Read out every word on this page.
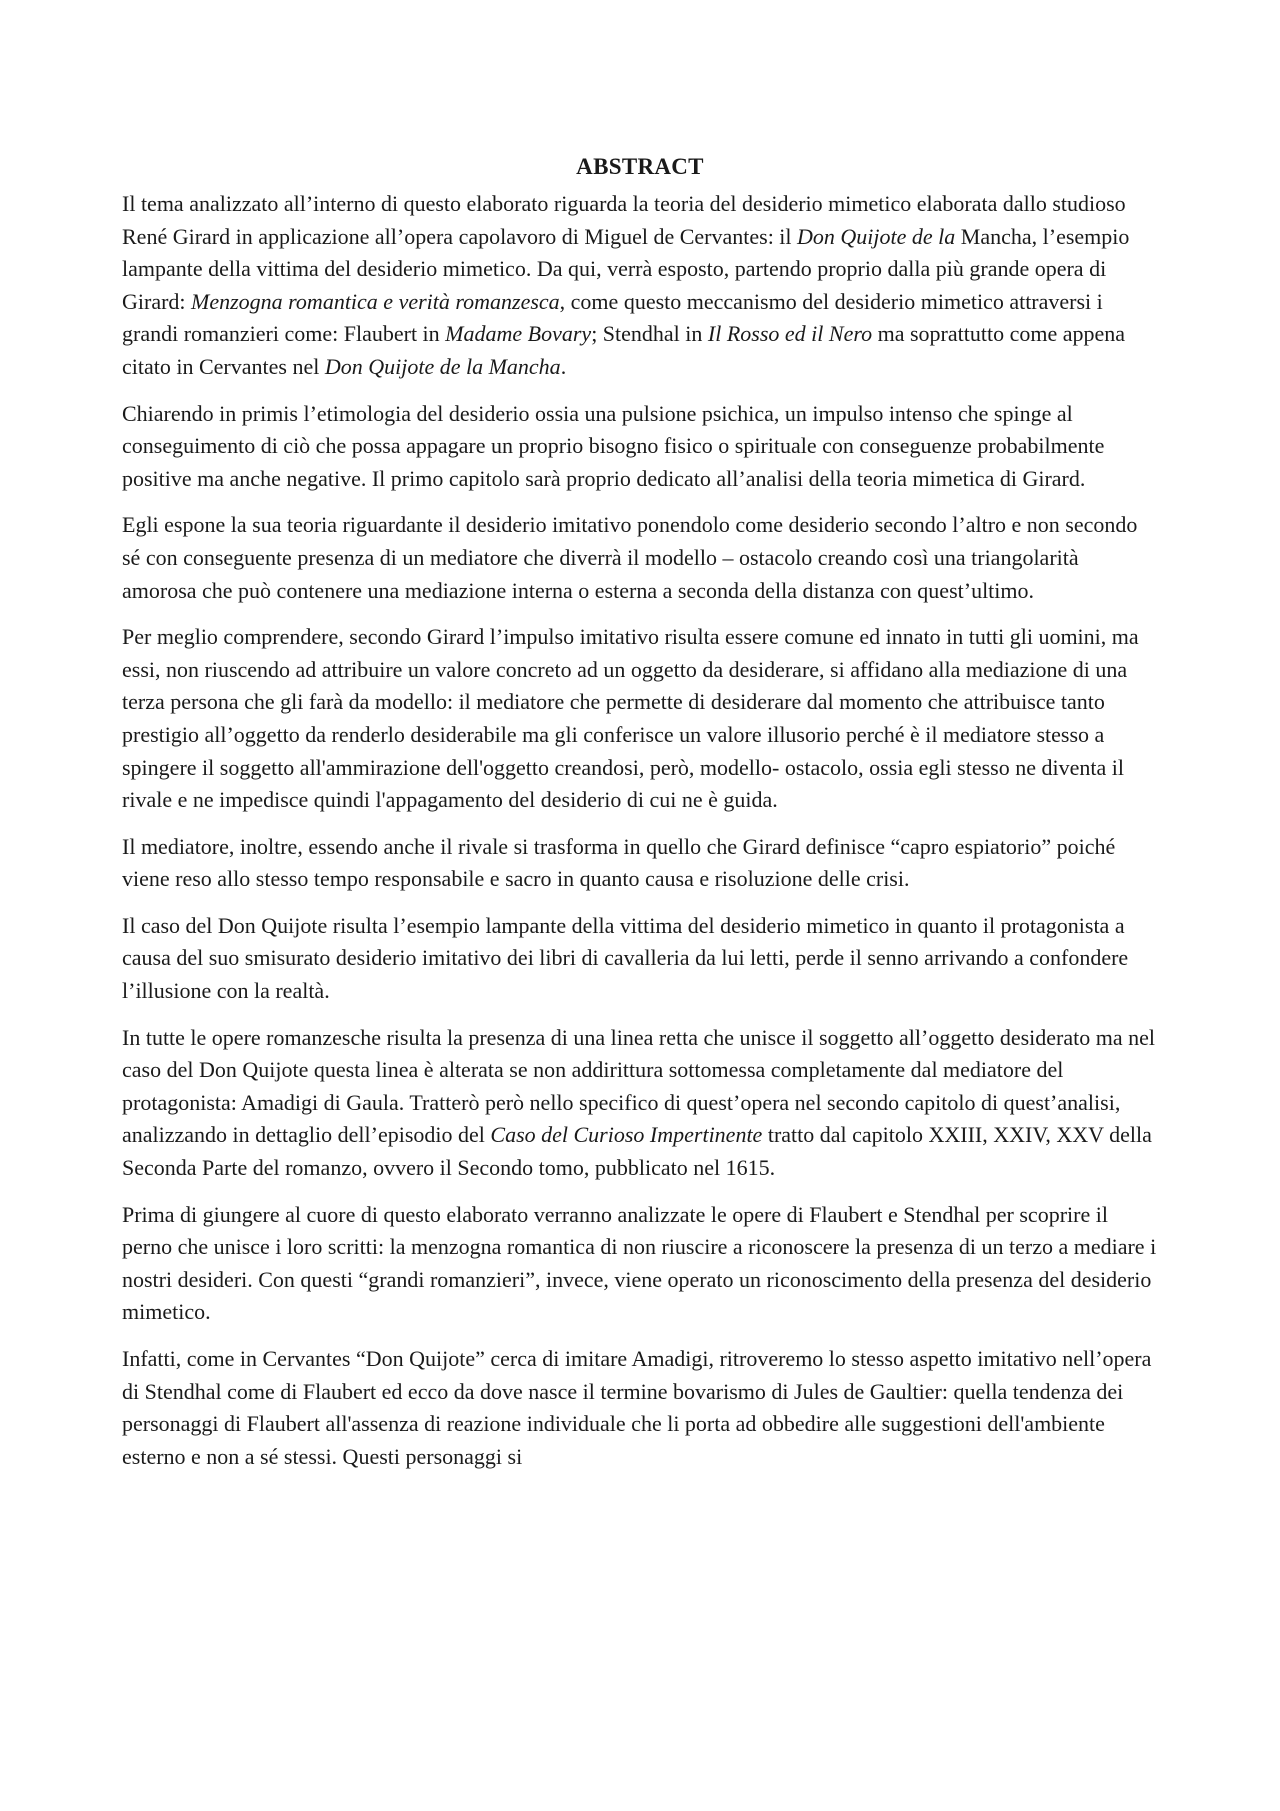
ABSTRACT

Il tema analizzato all’interno di questo elaborato riguarda la teoria del desiderio mimetico elaborata dallo studioso René Girard in applicazione all’opera capolavoro di Miguel de Cervantes: il Don Quijote de la Mancha, l’esempio lampante della vittima del desiderio mimetico. Da qui, verrà esposto, partendo proprio dalla più grande opera di Girard: Menzogna romantica e verità romanzesca, come questo meccanismo del desiderio mimetico attraversi i grandi romanzieri come: Flaubert in Madame Bovary; Stendhal in Il Rosso ed il Nero ma soprattutto come appena citato in Cervantes nel Don Quijote de la Mancha.

Chiarendo in primis l’etimologia del desiderio ossia una pulsione psichica, un impulso intenso che spinge al conseguimento di ciò che possa appagare un proprio bisogno fisico o spirituale con conseguenze probabilmente positive ma anche negative. Il primo capitolo sarà proprio dedicato all’analisi della teoria mimetica di Girard.

Egli espone la sua teoria riguardante il desiderio imitativo ponendolo come desiderio secondo l’altro e non secondo sé con conseguente presenza di un mediatore che diverrà il modello – ostacolo creando così una triangolarità amorosa che può contenere una mediazione interna o esterna a seconda della distanza con quest’ultimo.

Per meglio comprendere, secondo Girard l’impulso imitativo risulta essere comune ed innato in tutti gli uomini, ma essi, non riuscendo ad attribuire un valore concreto ad un oggetto da desiderare, si affidano alla mediazione di una terza persona che gli farà da modello: il mediatore che permette di desiderare dal momento che attribuisce tanto prestigio all’oggetto da renderlo desiderabile ma gli conferisce un valore illusorio perché è il mediatore stesso a spingere il soggetto all'ammirazione dell'oggetto creandosi, però, modello- ostacolo, ossia egli stesso ne diventa il rivale e ne impedisce quindi l'appagamento del desiderio di cui ne è guida.

Il mediatore, inoltre, essendo anche il rivale si trasforma in quello che Girard definisce “capro espiatorio” poiché viene reso allo stesso tempo responsabile e sacro in quanto causa e risoluzione delle crisi.

Il caso del Don Quijote risulta l’esempio lampante della vittima del desiderio mimetico in quanto il protagonista a causa del suo smisurato desiderio imitativo dei libri di cavalleria da lui letti, perde il senno arrivando a confondere l’illusione con la realtà.

In tutte le opere romanzesche risulta la presenza di una linea retta che unisce il soggetto all’oggetto desiderato ma nel caso del Don Quijote questa linea è alterata se non addirittura sottomessa completamente dal mediatore del protagonista: Amadigi di Gaula. Tratterò però nello specifico di quest’opera nel secondo capitolo di quest’analisi, analizzando in dettaglio dell’episodio del Caso del Curioso Impertinente tratto dal capitolo XXIII, XXIV, XXV della Seconda Parte del romanzo, ovvero il Secondo tomo, pubblicato nel 1615.

Prima di giungere al cuore di questo elaborato verranno analizzate le opere di Flaubert e Stendhal per scoprire il perno che unisce i loro scritti: la menzogna romantica di non riuscire a riconoscere la presenza di un terzo a mediare i nostri desideri. Con questi “grandi romanzieri”, invece, viene operato un riconoscimento della presenza del desiderio mimetico.

Infatti, come in Cervantes “Don Quijote” cerca di imitare Amadigi, ritroveremo lo stesso aspetto imitativo nell’opera di Stendhal come di Flaubert ed ecco da dove nasce il termine bovarismo di Jules de Gaultier: quella tendenza dei personaggi di Flaubert all'assenza di reazione individuale che li porta ad obbedire alle suggestioni dell'ambiente esterno e non a sé stessi. Questi personaggi si
